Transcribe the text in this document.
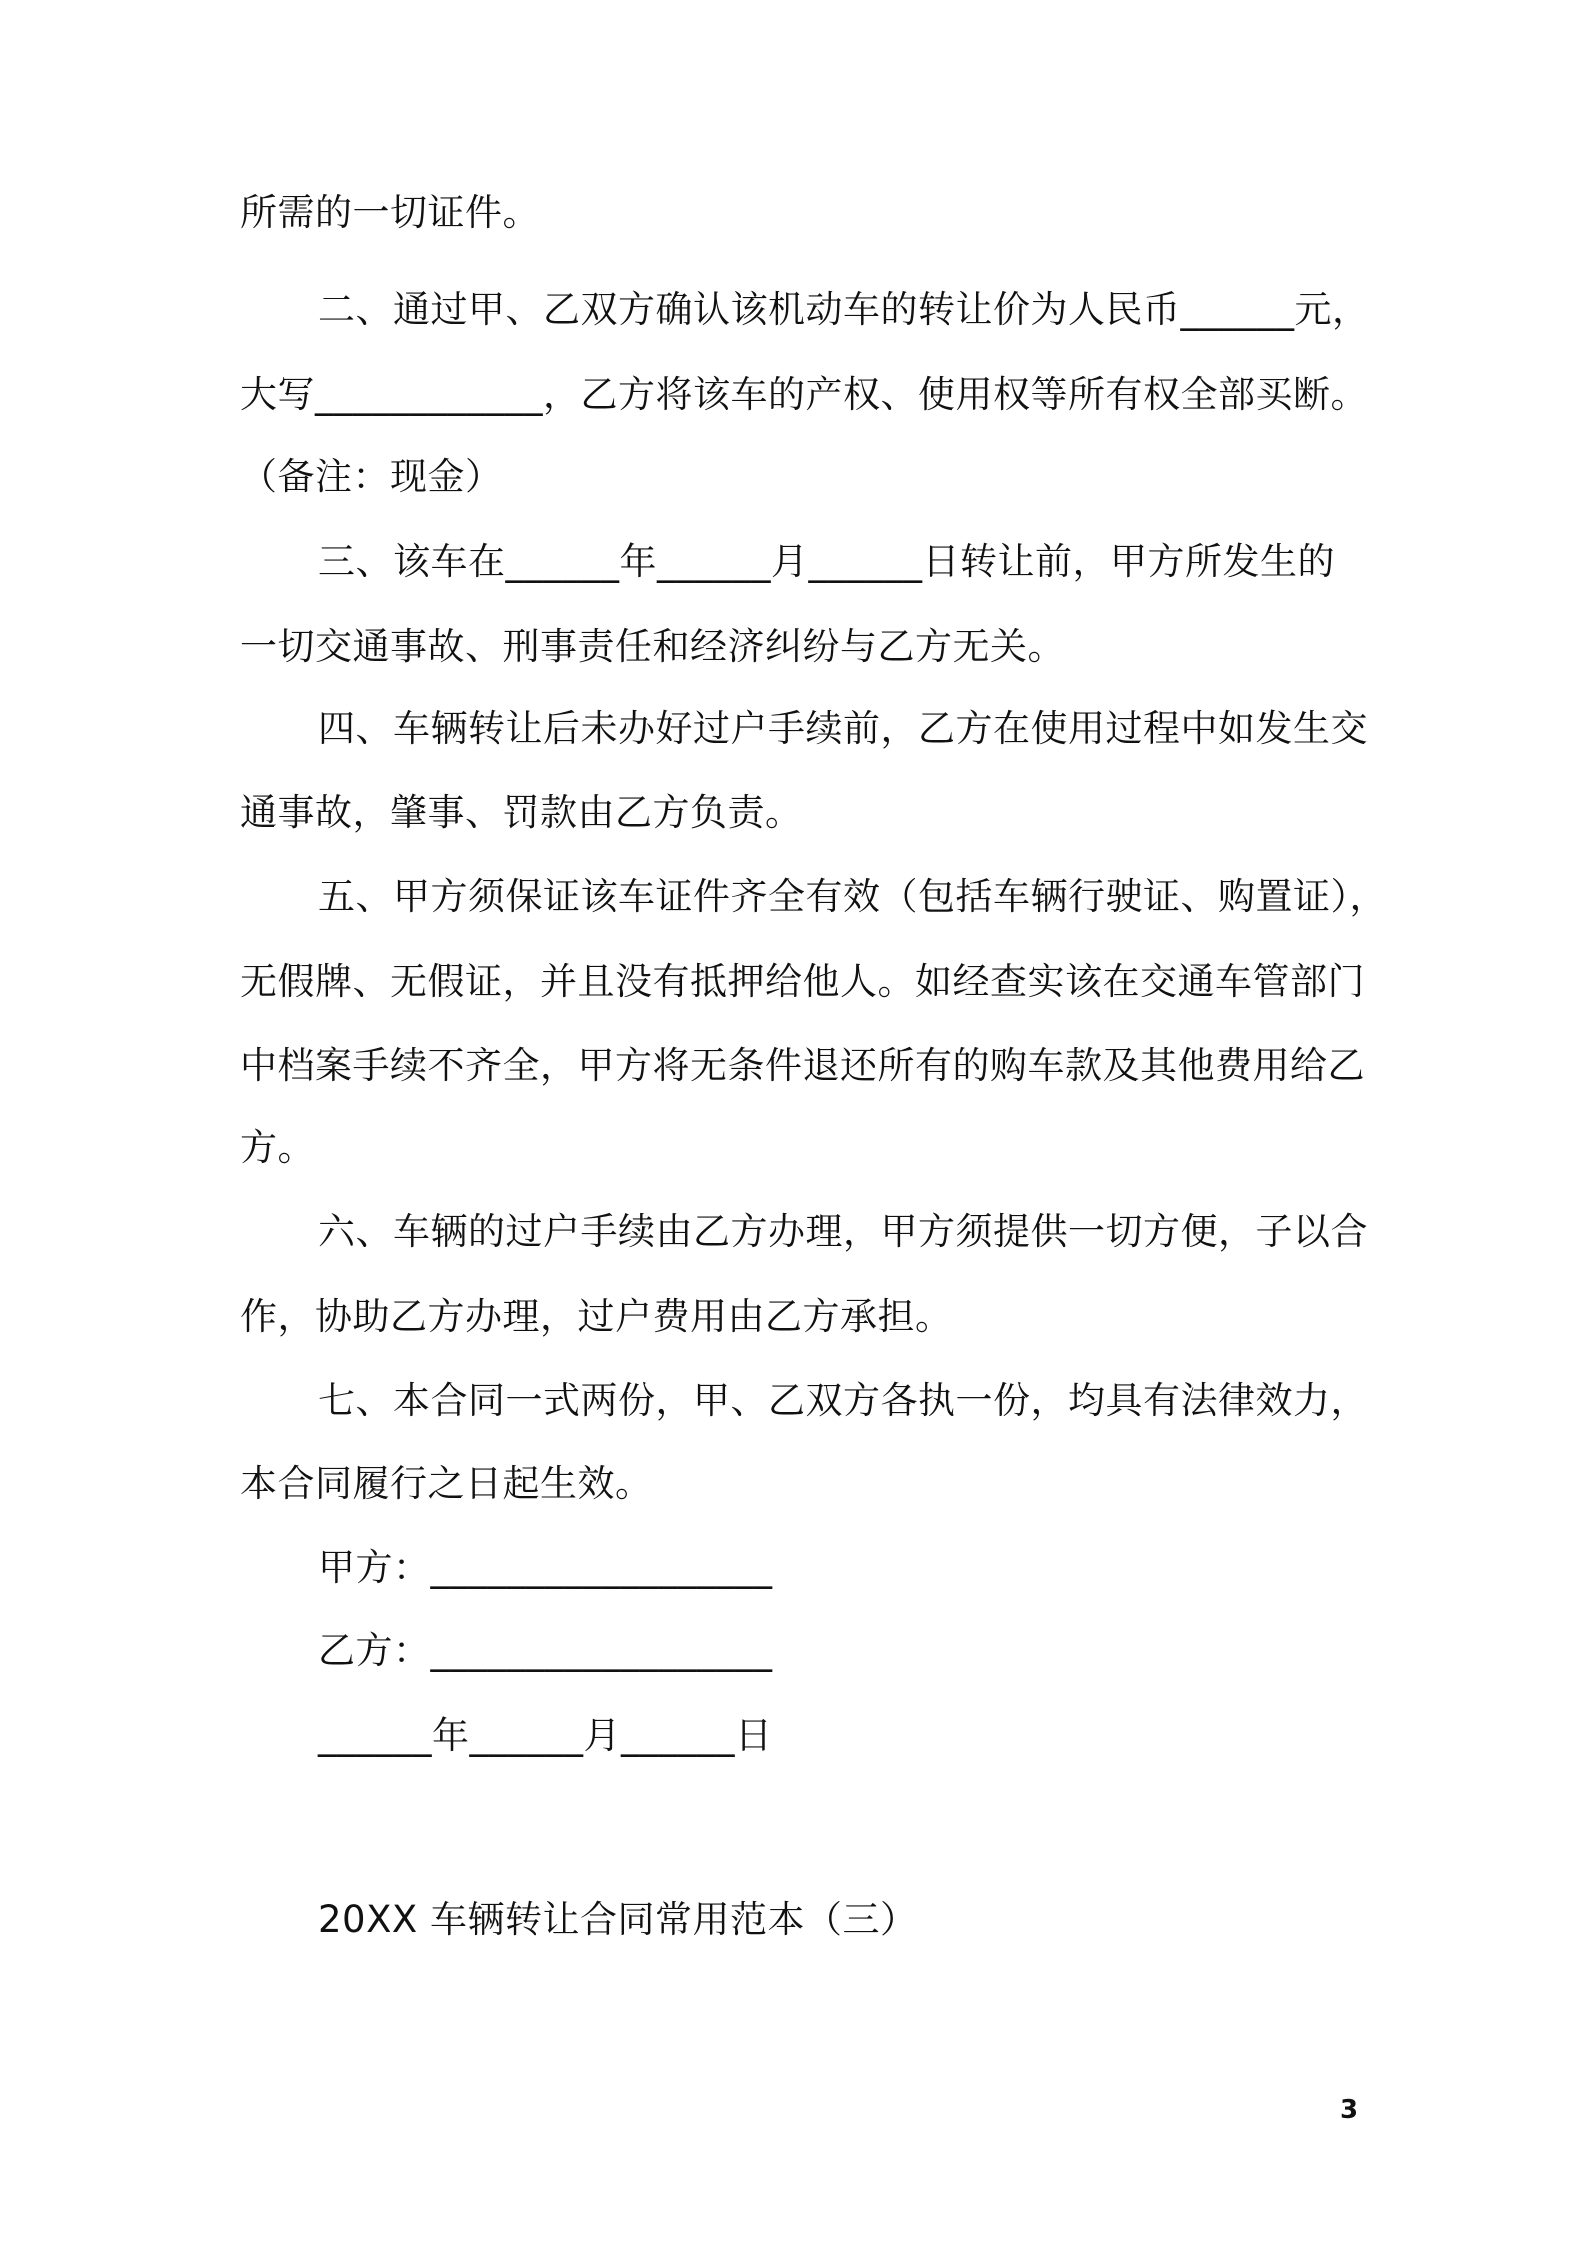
所需的一切证件。
二、通过甲、乙双方确认该机动车的转让价为人民币______元，
大写____________，乙方将该车的产权、使用权等所有权全部买断。
（备注：现金）
三、该车在______年______月______日转让前，甲方所发生的
一切交通事故、刑事责任和经济纠纷与乙方无关。
四、车辆转让后未办好过户手续前，乙方在使用过程中如发生交
通事故，肇事、罚款由乙方负责。
五、甲方须保证该车证件齐全有效（包括车辆行驶证、购置证），
无假牌、无假证，并且没有抵押给他人。如经查实该在交通车管部门
中档案手续不齐全，甲方将无条件退还所有的购车款及其他费用给乙
方。
六、车辆的过户手续由乙方办理，甲方须提供一切方便，子以合
作，协助乙方办理，过户费用由乙方承担。
七、本合同一式两份，甲、乙双方各执一份，均具有法律效力，
本合同履行之日起生效。
甲方：__________________
乙方：__________________
______年______月______日
20XX 车辆转让合同常用范本（三）
3
